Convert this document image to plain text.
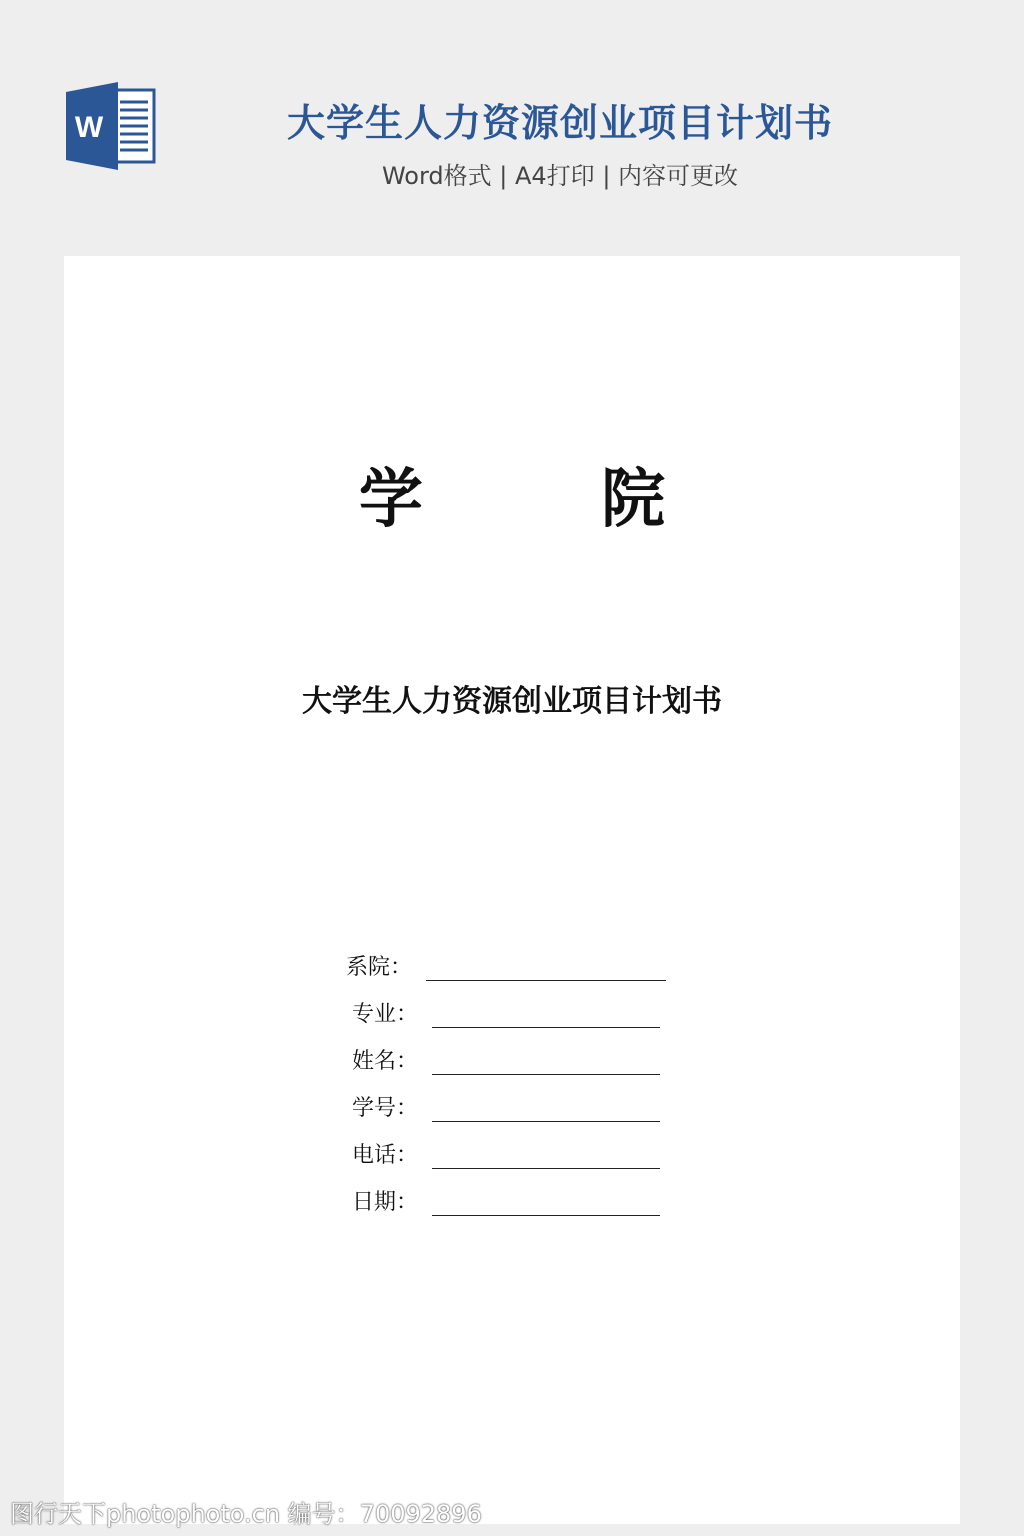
W	大学生人力资源创业项目计划书
Word格式 | A4打印 | 内容可更改
学        院
大学生人力资源创业项目计划书
系院：
专业：
姓名：
学号：
电话：
日期：
图行天下photophoto.cn 编号：70092896
